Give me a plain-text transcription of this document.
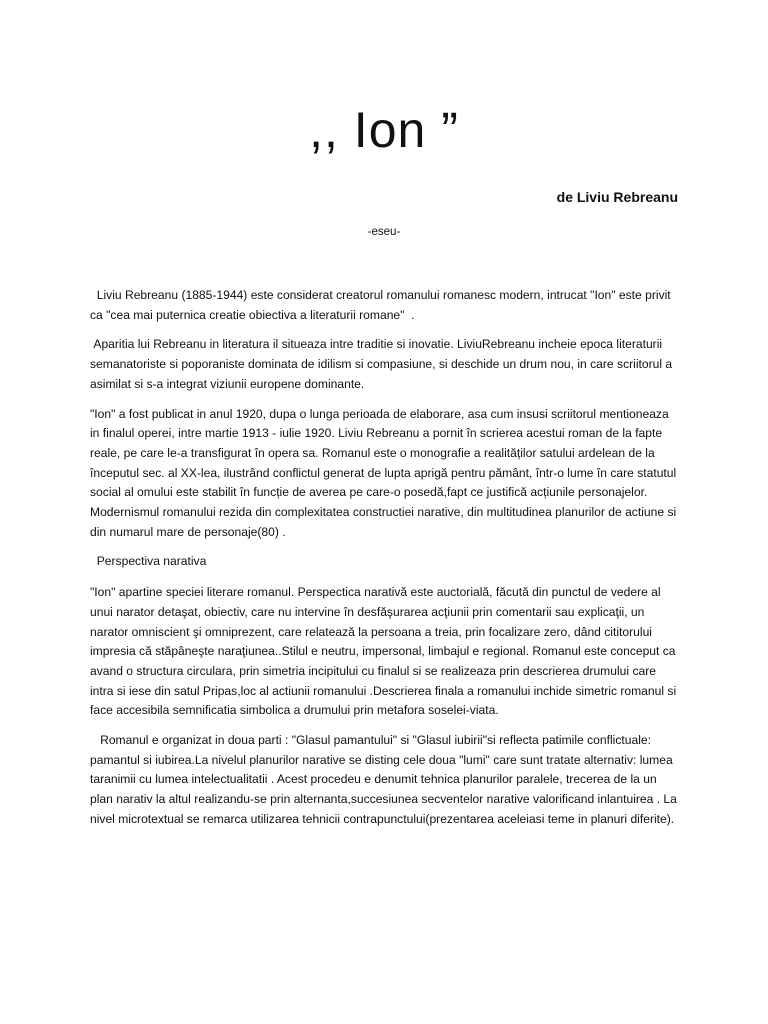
,, Ion ”

de Liviu Rebreanu

-eseu-

Liviu Rebreanu (1885-1944) este considerat creatorul romanului romanesc modern, intrucat "Ion" este privit ca "cea mai puternica creatie obiectiva a literaturii romane"  .

Aparitia lui Rebreanu in literatura il situeaza intre traditie si inovatie. LiviuRebreanu incheie epoca literaturii semanatoriste si poporaniste dominata de idilism si compasiune, si deschide un drum nou, in care scriitorul a asimilat si s-a integrat viziunii europene dominante.

"Ion" a fost publicat in anul 1920, dupa o lunga perioada de elaborare, asa cum insusi scriitorul mentioneaza in finalul operei, intre martie 1913 - iulie 1920. Liviu Rebreanu a pornit în scrierea acestui roman de la fapte reale, pe care le-a transfigurat în opera sa. Romanul este o monografie a realităților satului ardelean de la începutul sec. al XX-lea, ilustrând conflictul generat de lupta aprigă pentru pământ, într-o lume în care statutul social al omului este stabilit în funcție de averea pe care-o posedă,fapt ce justifică acțiunile personajelor. Modernismul romanului rezida din complexitatea constructiei narative, din multitudinea planurilor de actiune si din numarul mare de personaje(80) .

Perspectiva narativa

"Ion" apartine speciei literare romanul. Perspectica narativă este auctorială, făcută din punctul de vedere al unui narator detaşat, obiectiv, care nu intervine în desfăşurarea acţiunii prin comentarii sau explicaţii, un narator omniscient şi omniprezent, care relatează la persoana a treia, prin focalizare zero, dând cititorului impresia că stăpâneşte naraţiunea..Stilul e neutru, impersonal, limbajul e regional. Romanul este conceput ca avand o structura circulara, prin simetria incipitului cu finalul si se realizeaza prin descrierea drumului care intra si iese din satul Pripas,loc al actiunii romanului .Descrierea finala a romanului inchide simetric romanul si face accesibila semnificatia simbolica a drumului prin metafora soselei-viata.

Romanul e organizat in doua parti : "Glasul pamantului" si "Glasul iubirii"si reflecta patimile conflictuale: pamantul si iubirea.La nivelul planurilor narative se disting cele doua "lumi" care sunt tratate alternativ: lumea taranimii cu lumea intelectualitatii . Acest procedeu e denumit tehnica planurilor paralele, trecerea de la un plan narativ la altul realizandu-se prin alternanta,succesiunea secventelor narative valorificand inlantuirea . La nivel microtextual se remarca utilizarea tehnicii contrapunctului(prezentarea aceleiasi teme in planuri diferite).
